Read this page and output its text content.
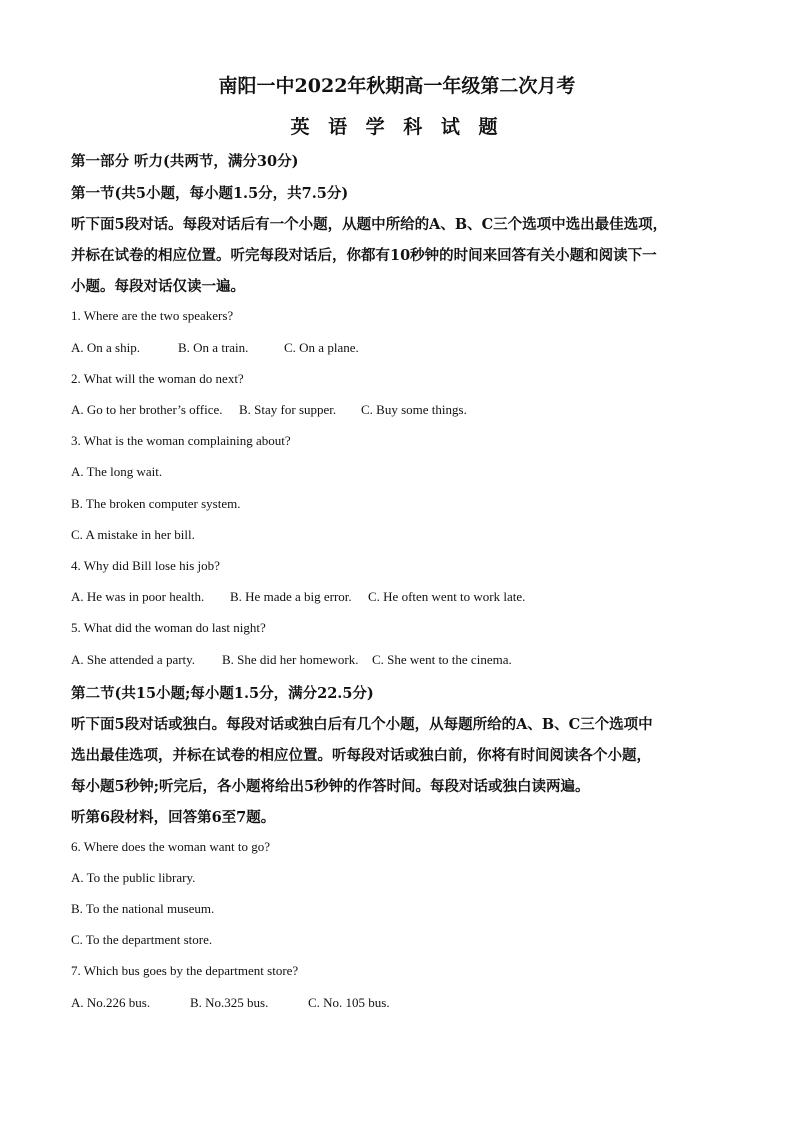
南阳一中2022年秋期高一年级第二次月考
英 语 学 科 试 题
第一部分 听力(共两节，满分30分)
第一节(共5小题，每小题1.5分，共7.5分)
听下面5段对话。每段对话后有一个小题，从题中所给的A、B、C三个选项中选出最佳选项，
并标在试卷的相应位置。听完每段对话后，你都有10秒钟的时间来回答有关小题和阅读下一
小题。每段对话仅读一遍。
1. Where are the two speakers?
A. On a ship.	B. On a train.	C. On a plane.
2. What will the woman do next?
A. Go to her brother’s office. B. Stay for supper. C. Buy some things.
3. What is the woman complaining about?
A. The long wait.
B. The broken computer system.
C. A mistake in her bill.
4. Why did Bill lose his job?
A. He was in poor health. B. He made a big error. C. He often went to work late.
5. What did the woman do last night?
A. She attended a party. B. She did her homework. C. She went to the cinema.
第二节(共15小题;每小题1.5分，满分22.5分)
听下面5段对话或独白。每段对话或独白后有几个小题，从每题所给的A、B、C三个选项中
选出最佳选项，并标在试卷的相应位置。听每段对话或独白前，你将有时间阅读各个小题，
每小题5秒钟;听完后，各小题将给出5秒钟的作答时间。每段对话或独白读两遍。
听第6段材料，回答第6至7题。
6. Where does the woman want to go?
A. To the public library.
B. To the national museum.
C. To the department store.
7. Which bus goes by the department store?
A. No.226 bus.	B. No.325 bus.	C. No. 105 bus.
